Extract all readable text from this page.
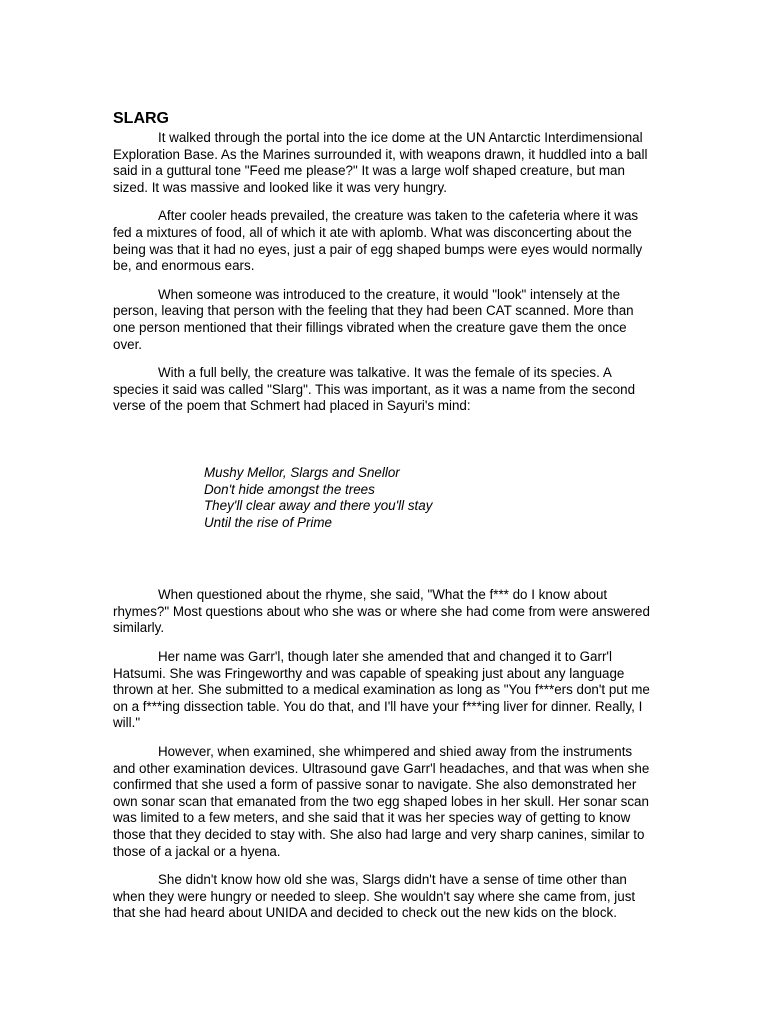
SLARG

It walked through the portal into the ice dome at the UN Antarctic Interdimensional Exploration Base. As the Marines surrounded it, with weapons drawn, it huddled into a ball said in a guttural tone "Feed me please?" It was a large wolf shaped creature, but man sized. It was massive and looked like it was very hungry.

After cooler heads prevailed, the creature was taken to the cafeteria where it was fed a mixtures of food, all of which it ate with aplomb. What was disconcerting about the being was that it had no eyes, just a pair of egg shaped bumps were eyes would normally be, and enormous ears.

When someone was introduced to the creature, it would "look" intensely at the person, leaving that person with the feeling that they had been CAT scanned. More than one person mentioned that their fillings vibrated when the creature gave them the once over.

With a full belly, the creature was talkative. It was the female of its species. A species it said was called "Slarg". This was important, as it was a name from the second verse of the poem that Schmert had placed in Sayuri's mind:

Mushy Mellor, Slargs and Snellor
Don't hide amongst the trees
They'll clear away and there you'll stay
Until the rise of Prime

When questioned about the rhyme, she said, "What the f*** do I know about rhymes?" Most questions about who she was or where she had come from were answered similarly.

Her name was Garr'l, though later she amended that and changed it to Garr'l Hatsumi. She was Fringeworthy and was capable of speaking just about any language thrown at her. She submitted to a medical examination as long as "You f***ers don't put me on a f***ing dissection table. You do that, and I'll have your f***ing liver for dinner. Really, I will."

However, when examined, she whimpered and shied away from the instruments and other examination devices. Ultrasound gave Garr'l headaches, and that was when she confirmed that she used a form of passive sonar to navigate. She also demonstrated her own sonar scan that emanated from the two egg shaped lobes in her skull. Her sonar scan was limited to a few meters, and she said that it was her species way of getting to know those that they decided to stay with. She also had large and very sharp canines, similar to those of a jackal or a hyena.

She didn't know how old she was, Slargs didn't have a sense of time other than when they were hungry or needed to sleep. She wouldn't say where she came from, just that she had heard about UNIDA and decided to check out the new kids on the block.
